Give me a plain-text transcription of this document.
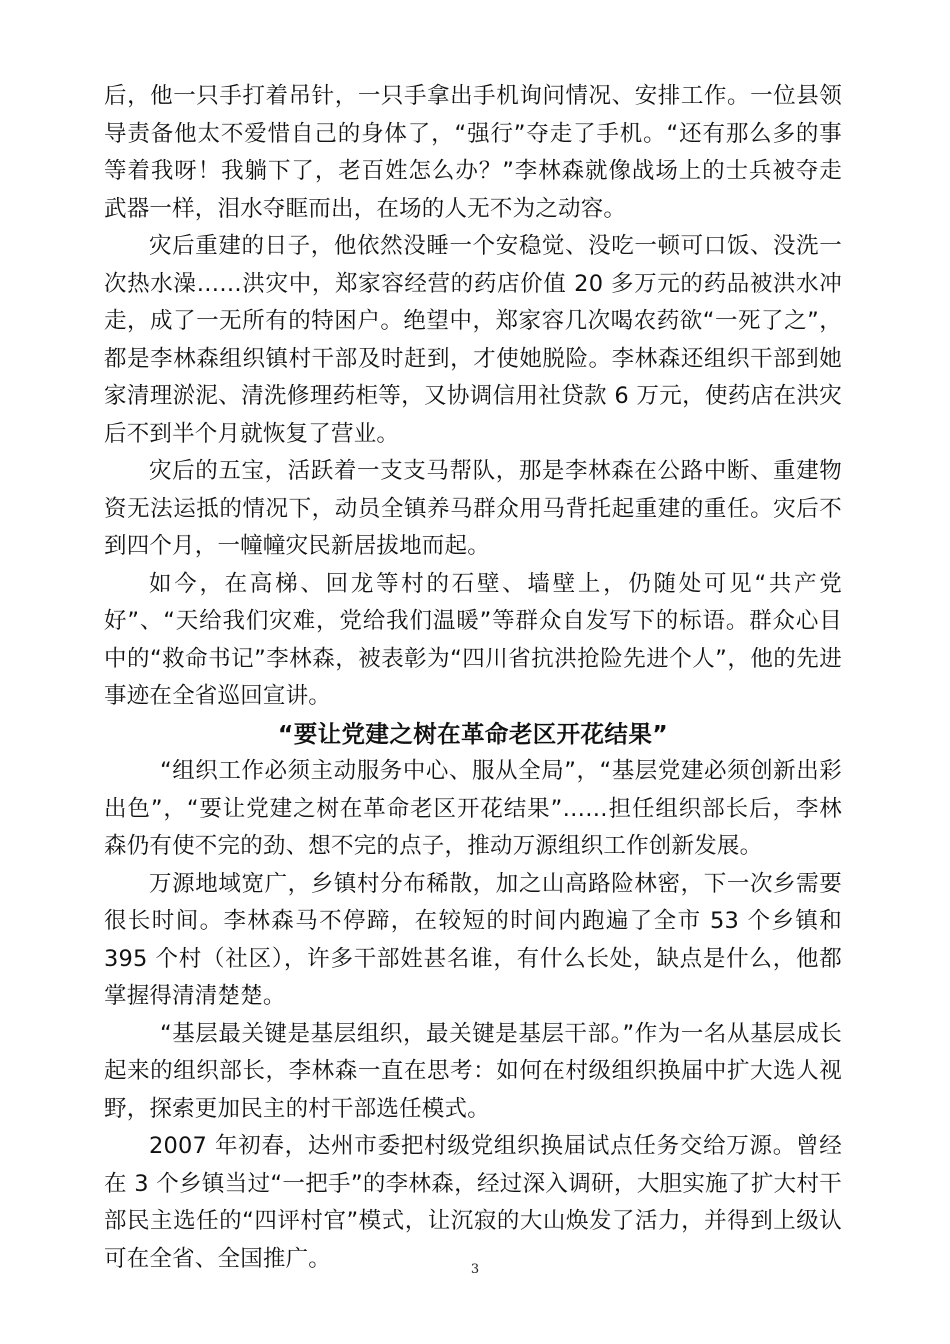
后，他一只手打着吊针，一只手拿出手机询问情况、安排工作。一位县领导责备他太不爱惜自己的身体了，“强行”夺走了手机。“还有那么多的事等着我呀！我躺下了，老百姓怎么办？”李林森就像战场上的士兵被夺走武器一样，泪水夺眶而出，在场的人无不为之动容。

灾后重建的日子，他依然没睡一个安稳觉、没吃一顿可口饭、没洗一次热水澡……洪灾中，郑家容经营的药店价值 20 多万元的药品被洪水冲走，成了一无所有的特困户。绝望中，郑家容几次喝农药欲“一死了之”，都是李林森组织镇村干部及时赶到，才使她脱险。李林森还组织干部到她家清理淤泥、清洗修理药柜等，又协调信用社贷款 6 万元，使药店在洪灾后不到半个月就恢复了营业。

灾后的五宝，活跃着一支支马帮队，那是李林森在公路中断、重建物资无法运抵的情况下，动员全镇养马群众用马背托起重建的重任。灾后不到四个月，一幢幢灾民新居拔地而起。

如今，在高梯、回龙等村的石壁、墙壁上，仍随处可见“共产党好”、“天给我们灾难，党给我们温暖”等群众自发写下的标语。群众心目中的“救命书记”李林森，被表彰为“四川省抗洪抢险先进个人”，他的先进事迹在全省巡回宣讲。

“要让党建之树在革命老区开花结果”

“组织工作必须主动服务中心、服从全局”，“基层党建必须创新出彩出色”，“要让党建之树在革命老区开花结果”……担任组织部长后，李林森仍有使不完的劲、想不完的点子，推动万源组织工作创新发展。

万源地域宽广，乡镇村分布稀散，加之山高路险林密，下一次乡需要很长时间。李林森马不停蹄，在较短的时间内跑遍了全市 53 个乡镇和 395 个村（社区），许多干部姓甚名谁，有什么长处，缺点是什么，他都掌握得清清楚楚。

“基层最关键是基层组织，最关键是基层干部。”作为一名从基层成长起来的组织部长，李林森一直在思考：如何在村级组织换届中扩大选人视野，探索更加民主的村干部选任模式。

2007 年初春，达州市委把村级党组织换届试点任务交给万源。曾经在 3 个乡镇当过“一把手”的李林森，经过深入调研，大胆实施了扩大村干部民主选任的“四评村官”模式，让沉寂的大山焕发了活力，并得到上级认可在全省、全国推广。	3
